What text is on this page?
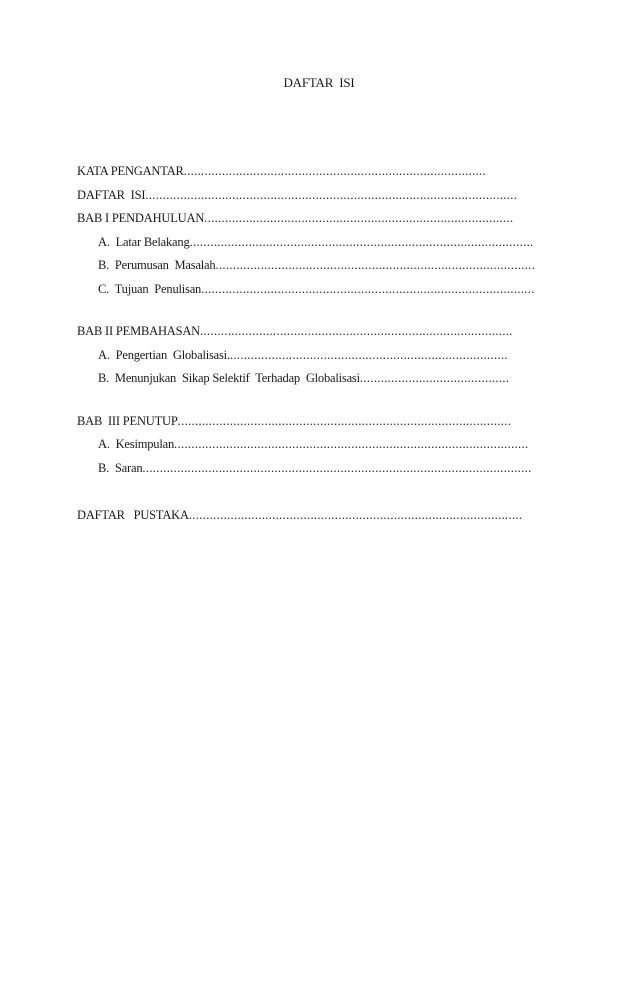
DAFTAR ISI
KATA PENGANTAR.......................................................................................
DAFTAR  ISI...........................................................................................................
BAB I PENDAHULUAN.........................................................................................
A.  Latar Belakang...................................................................................................
B.  Perumusan  Masalah............................................................................................
C.  Tujuan  Penulisan................................................................................................
BAB II PEMBAHASAN..........................................................................................
A.  Pengertian  Globalisasi.................................................................................
B.  Menunjukan  Sikap Selektif  Terhadap  Globalisasi...........................................
BAB  III PENUTUP................................................................................................
A.  Kesimpulan......................................................................................................
B.  Saran................................................................................................................
DAFTAR   PUSTAKA................................................................................................
